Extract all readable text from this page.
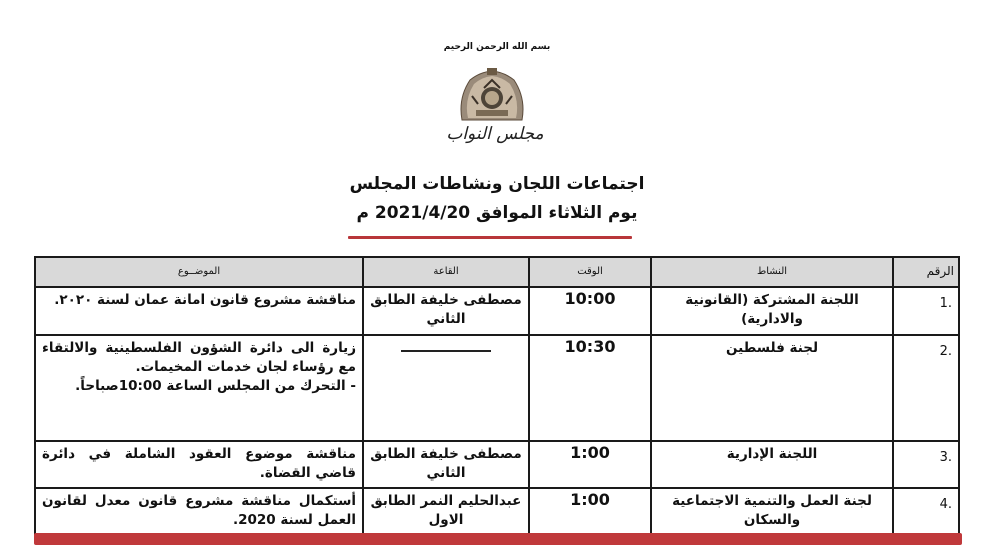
بسم الله الرحمن الرحيم
مجلس النواب
اجتماعات اللجان ونشاطات المجلس
يوم الثلاثاء الموافق 2021/4/20 م
الرقم	النشاط	الوقت	القاعة	الموضــوع
.1	اللجنة المشتركة (القانونية والادارية)	10:00	مصطفى خليفة الطابق الثاني	مناقشة مشروع قانون امانة عمان لسنة ٢٠٢٠.
.2	لجنة فلسطين	10:30		زيارة الى دائرة الشؤون الفلسطينية والالتقاء مع رؤساء لجان خدمات المخيمات.
- التحرك من المجلس الساعة 10:00صباحاً.
.3	اللجنة الإدارية	1:00	مصطفى خليفة الطابق الثاني	مناقشة موضوع العقود الشاملة في دائرة قاضي القضاة.
.4	لجنة العمل والتنمية الاجتماعية والسكان	1:00	عبدالحليم النمر الطابق الاول	أستكمال مناقشة مشروع قانون معدل لقانون العمل لسنة 2020.
